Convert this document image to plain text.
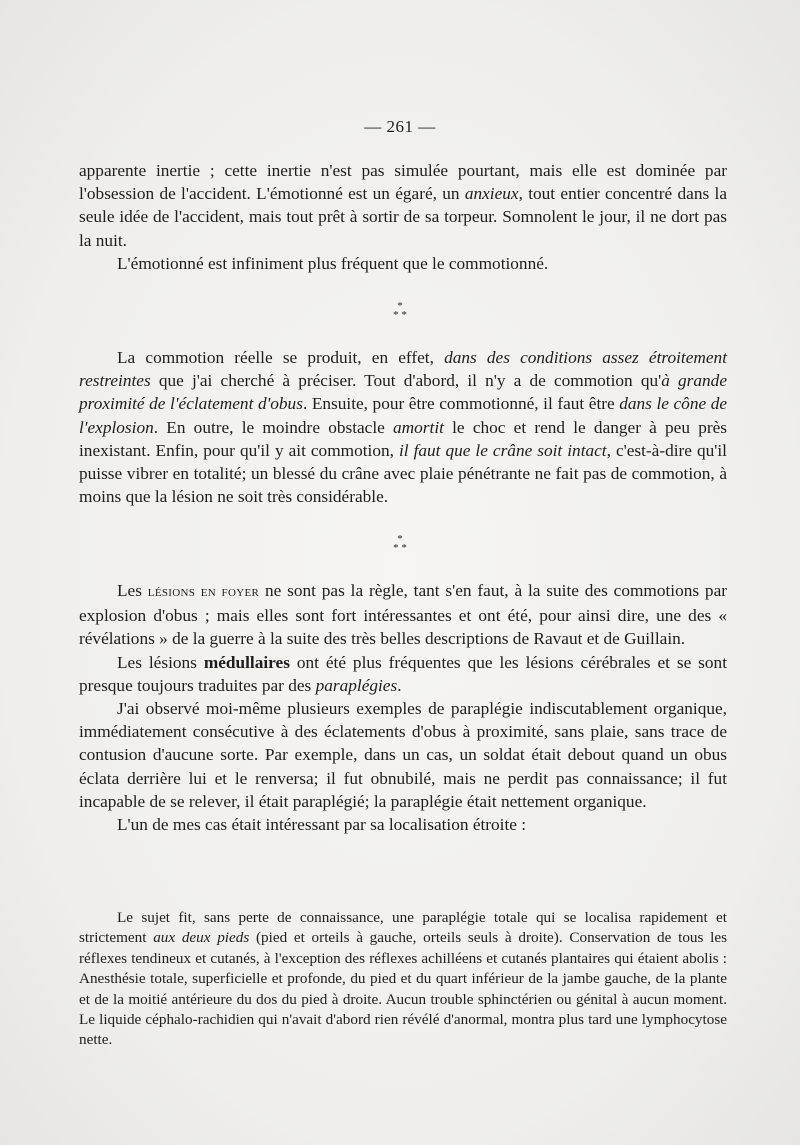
— 261 —

apparente inertie ; cette inertie n'est pas simulée pourtant, mais elle est dominée par l'obsession de l'accident. L'émotionné est un égaré, un anxieux, tout entier concentré dans la seule idée de l'accident, mais tout prêt à sortir de sa torpeur. Somnolent le jour, il ne dort pas la nuit.

L'émotionné est infiniment plus fréquent que le commotionné.

*
* *

La commotion réelle se produit, en effet, dans des conditions assez étroitement restreintes que j'ai cherché à préciser. Tout d'abord, il n'y a de commotion qu'à grande proximité de l'éclatement d'obus. Ensuite, pour être commotionné, il faut être dans le cône de l'explosion. En outre, le moindre obstacle amortit le choc et rend le danger à peu près inexistant. Enfin, pour qu'il y ait commotion, il faut que le crâne soit intact, c'est-à-dire qu'il puisse vibrer en totalité; un blessé du crâne avec plaie pénétrante ne fait pas de commotion, à moins que la lésion ne soit très considérable.

*
* *

Les lésions en foyer ne sont pas la règle, tant s'en faut, à la suite des commotions par explosion d'obus ; mais elles sont fort intéressantes et ont été, pour ainsi dire, une des « révélations » de la guerre à la suite des très belles descriptions de Ravaut et de Guillain.

Les lésions médullaires ont été plus fréquentes que les lésions cérébrales et se sont presque toujours traduites par des paraplégies.

J'ai observé moi-même plusieurs exemples de paraplégie indiscutablement organique, immédiatement consécutive à des éclatements d'obus à proximité, sans plaie, sans trace de contusion d'aucune sorte. Par exemple, dans un cas, un soldat était debout quand un obus éclata derrière lui et le renversa; il fut obnubilé, mais ne perdit pas connaissance; il fut incapable de se relever, il était paraplégié; la paraplégie était nettement organique.

L'un de mes cas était intéressant par sa localisation étroite :

Le sujet fit, sans perte de connaissance, une paraplégie totale qui se localisa rapidement et strictement aux deux pieds (pied et orteils à gauche, orteils seuls à droite). Conservation de tous les réflexes tendineux et cutanés, à l'exception des réflexes achilléens et cutanés plantaires qui étaient abolis : Anesthésie totale, superficielle et profonde, du pied et du quart inférieur de la jambe gauche, de la plante et de la moitié antérieure du dos du pied à droite. Aucun trouble sphinctérien ou génital à aucun moment. Le liquide céphalo-rachidien qui n'avait d'abord rien révélé d'anormal, montra plus tard une lymphocytose nette.
